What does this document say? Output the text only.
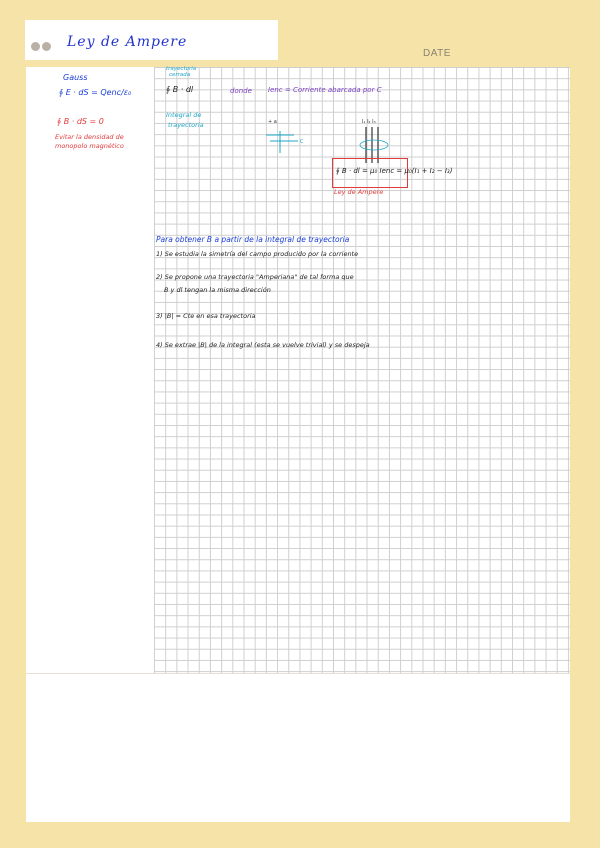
Ley de Ampere
DATE
Gauss
∮ E · dS = Qenc/ε₀
∮ B · dS = 0
Evitar la densidad de
monopolo magnético
trayectoria
cerrada
∮ B · dl
Integral de
trayectoria
donde Ienc = Corriente abarcada por C
+ a
C
I₁ I₂ I₃
∮ B · dl = μ₀ Ienc = μ₀(I₁ + I₂ − I₃)
Ley de Ampere
Para obtener B a partir de la integral de trayectoria
1) Se estudia la simetría del campo producido por la corriente
2) Se propone una trayectoria "Amperiana" de tal forma que
B y dl tengan la misma dirección
3) |B| = Cte en esa trayectoria
4) Se extrae |B| de la integral (esta se vuelve trivial) y se despeja
